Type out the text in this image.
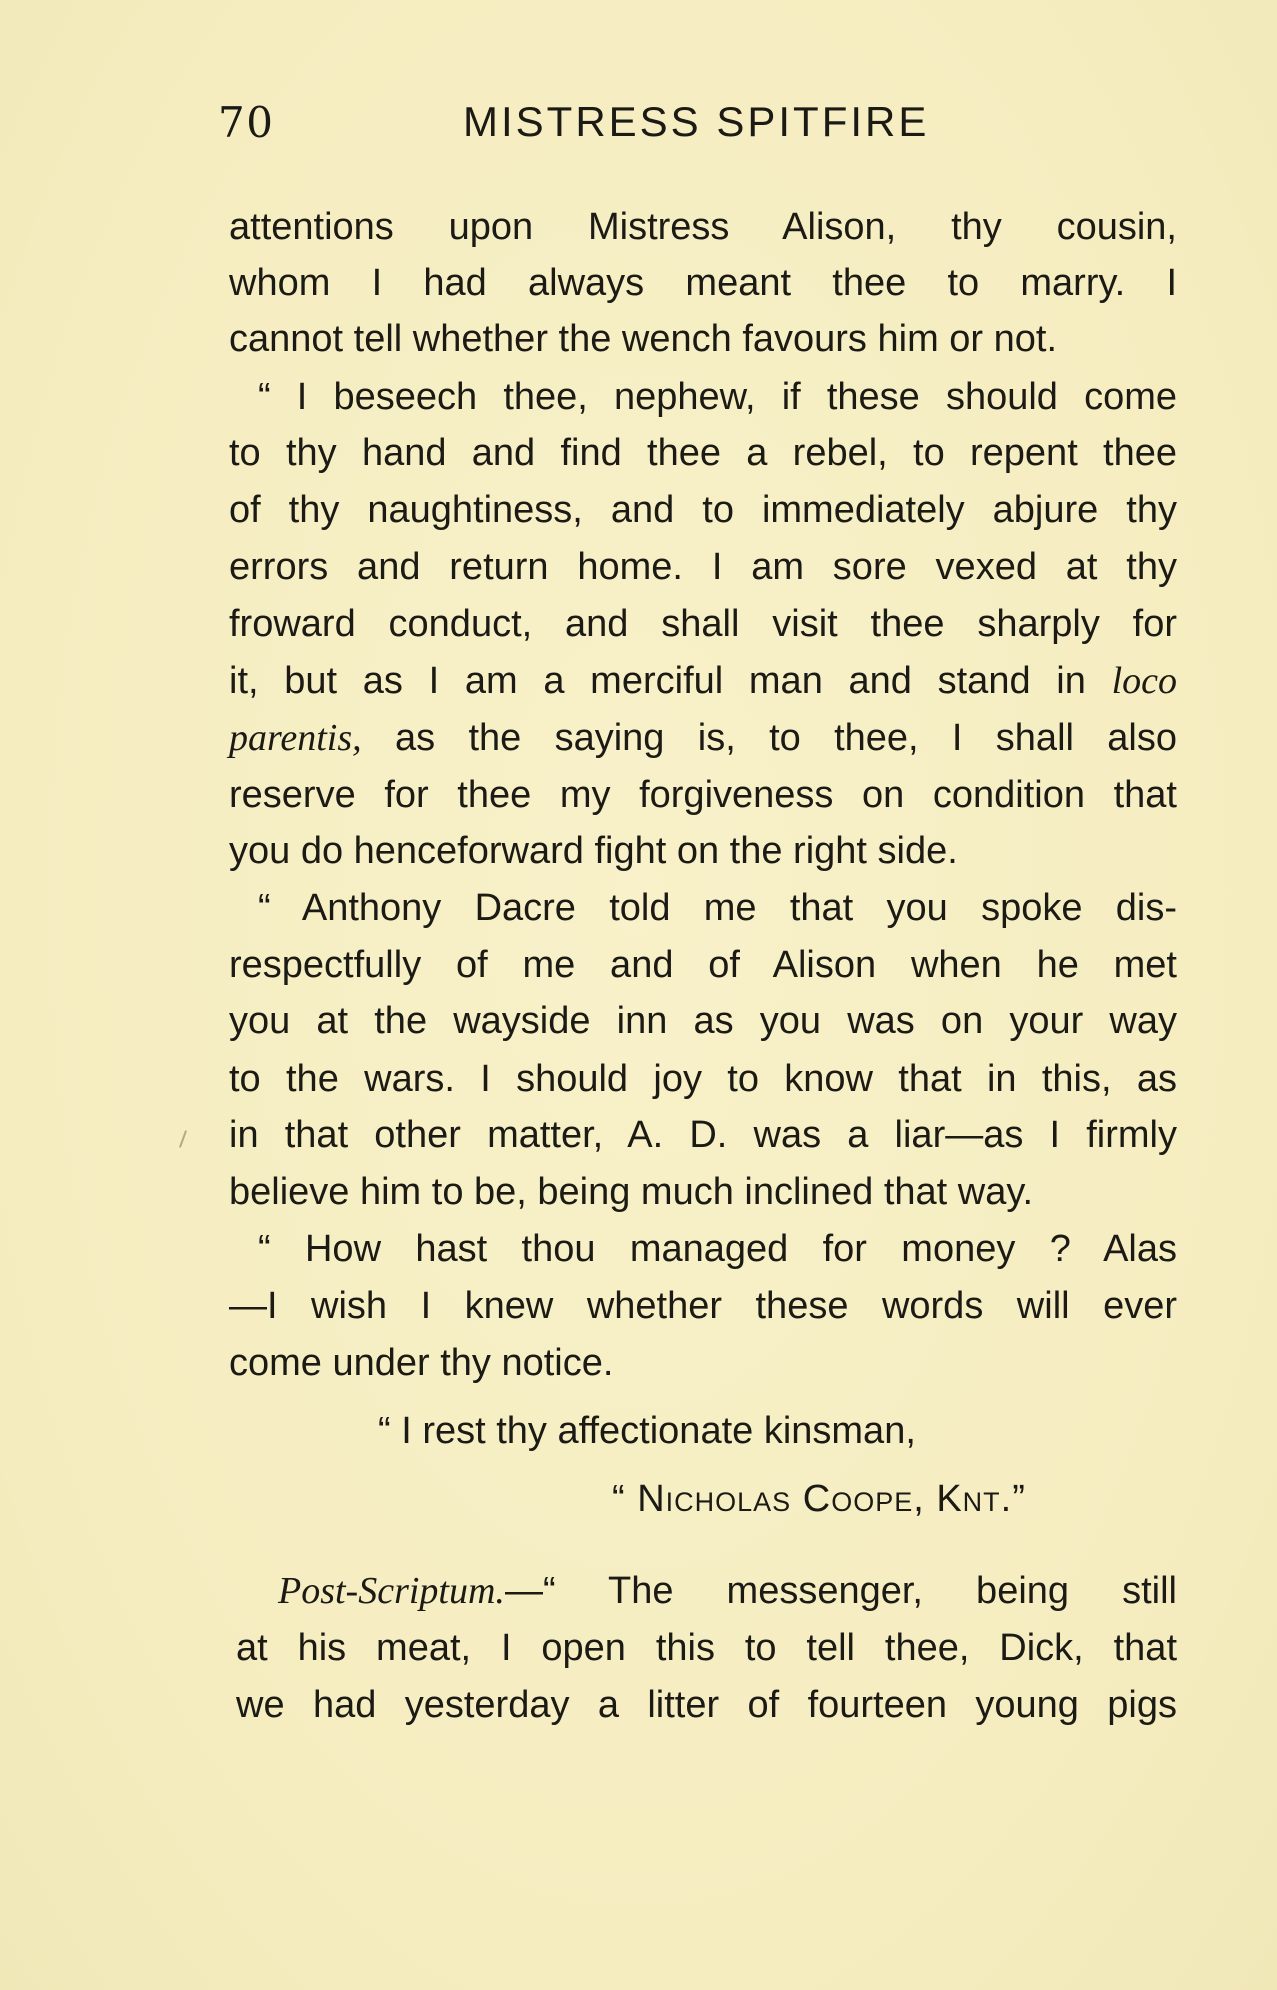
70	MISTRESS SPITFIRE
attentions upon Mistress Alison, thy cousin,
whom I had always meant thee to marry. I
cannot tell whether the wench favours him or not.
“ I beseech thee, nephew, if these should come
to thy hand and find thee a rebel, to repent thee
of thy naughtiness, and to immediately abjure thy
errors and return home. I am sore vexed at thy
froward conduct, and shall visit thee sharply for
it, but as I am a merciful man and stand in loco
parentis, as the saying is, to thee, I shall also
reserve for thee my forgiveness on condition that
you do henceforward fight on the right side.
“ Anthony Dacre told me that you spoke dis-
respectfully of me and of Alison when he met
you at the wayside inn as you was on your way
to the wars. I should joy to know that in this, as
in that other matter, A. D. was a liar—as I firmly
believe him to be, being much inclined that way.
“ How hast thou managed for money ? Alas
—I wish I knew whether these words will ever
come under thy notice.
“ I rest thy affectionate kinsman,
“ Nicholas Coope, Knt.”
Post-Scriptum.—“ The messenger, being still
at his meat, I open this to tell thee, Dick, that
we had yesterday a litter of fourteen young pigs
